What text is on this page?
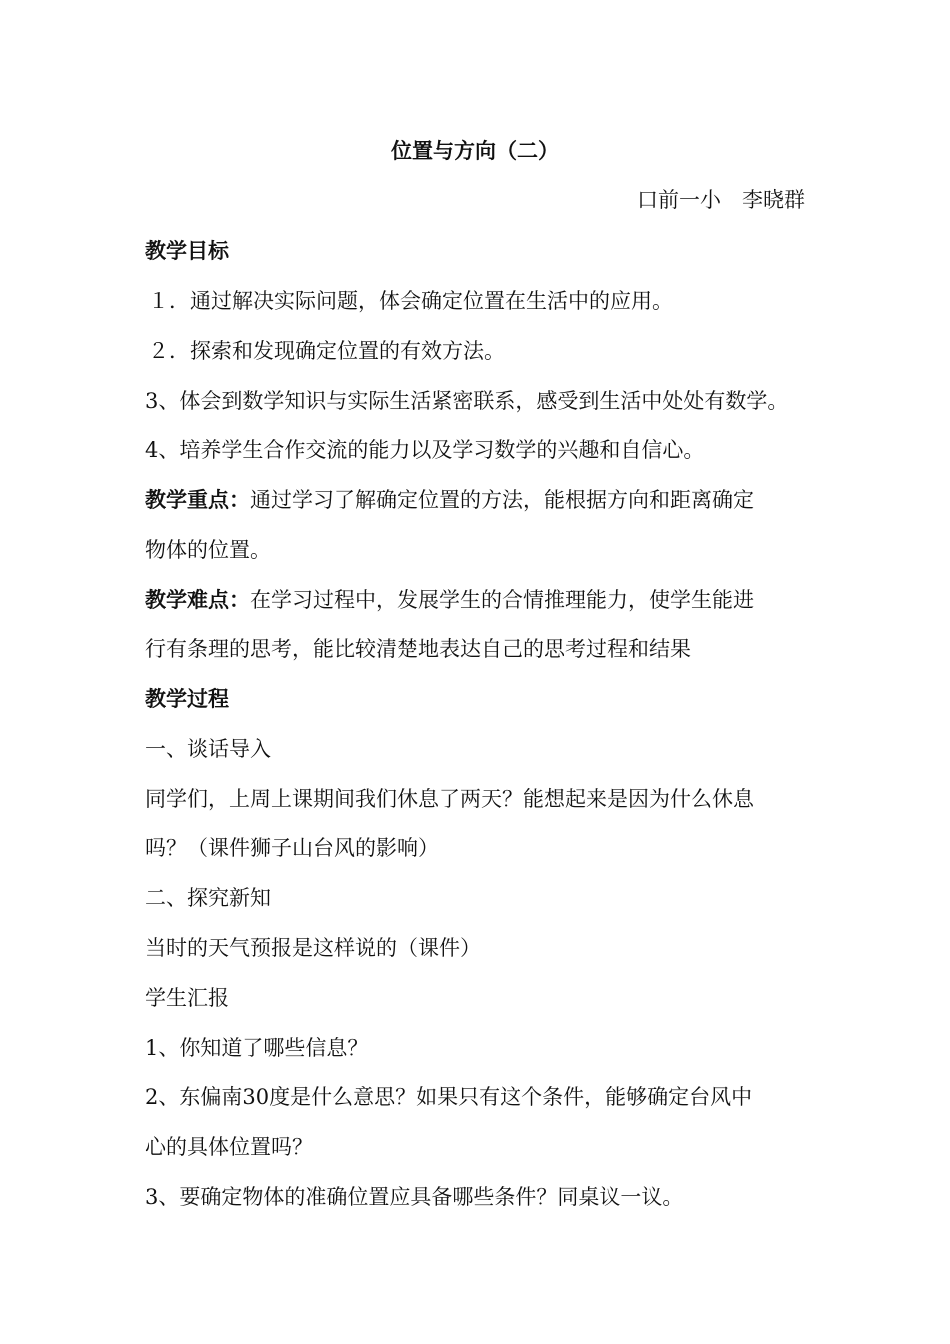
位置与方向（二）
口前一小　李晓群
教学目标
１．通过解决实际问题，体会确定位置在生活中的应用。
２．探索和发现确定位置的有效方法。
3、体会到数学知识与实际生活紧密联系，感受到生活中处处有数学。
4、培养学生合作交流的能力以及学习数学的兴趣和自信心。
教学重点：通过学习了解确定位置的方法，能根据方向和距离确定
物体的位置。
教学难点：在学习过程中，发展学生的合情推理能力，使学生能进
行有条理的思考，能比较清楚地表达自己的思考过程和结果
教学过程
一、谈话导入
同学们，上周上课期间我们休息了两天？能想起来是因为什么休息
吗？（课件狮子山台风的影响）
二、探究新知
当时的天气预报是这样说的（课件）
学生汇报
1、你知道了哪些信息？
2、东偏南30度是什么意思？如果只有这个条件，能够确定台风中
心的具体位置吗？
3、要确定物体的准确位置应具备哪些条件？同桌议一议。
